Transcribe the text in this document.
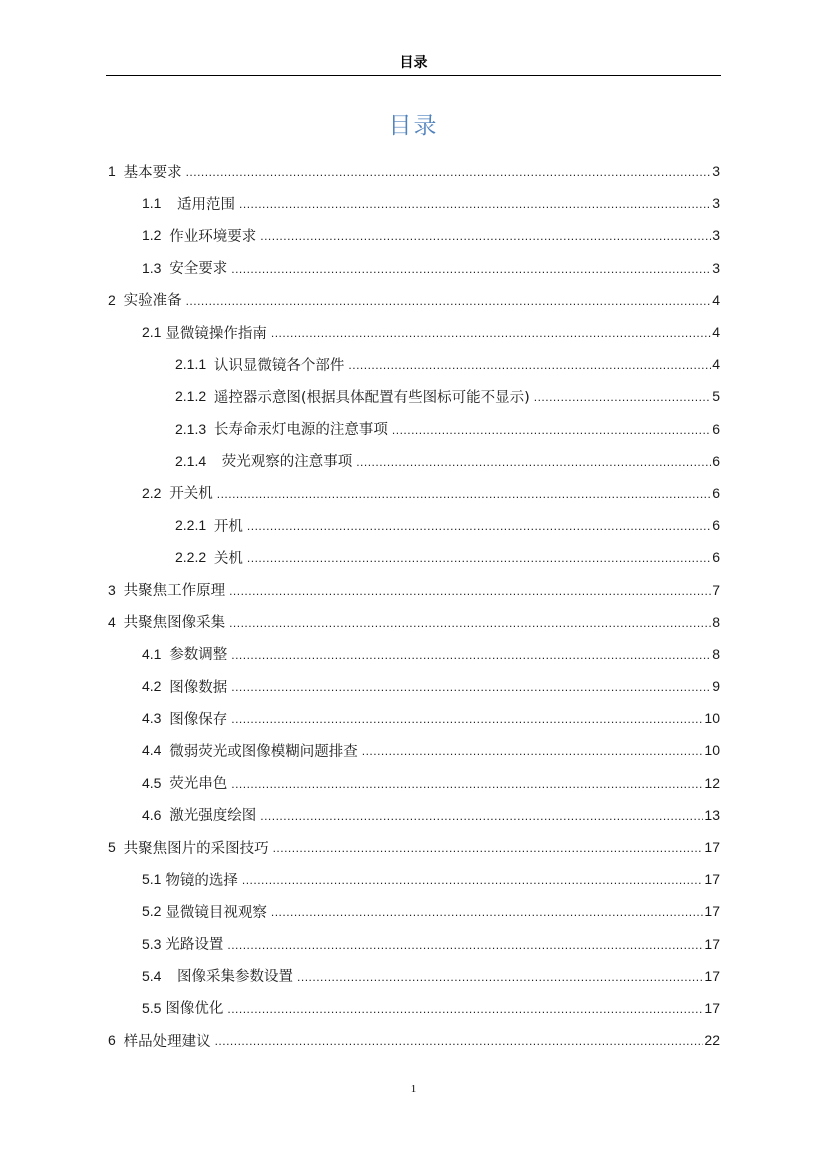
目录
目录
1 基本要求 .....	3
1.1 适用范围 .....	3
1.2 作业环境要求 .....	3
1.3 安全要求 .....	3
2 实验准备 .....	4
2.1 显微镜操作指南 .....	4
2.1.1 认识显微镜各个部件 .....	4
2.1.2 遥控器示意图(根据具体配置有些图标可能不显示) .....	5
2.1.3 长寿命汞灯电源的注意事项 .....	6
2.1.4 荧光观察的注意事项 .....	6
2.2 开关机 .....	6
2.2.1 开机 .....	6
2.2.2 关机 .....	6
3 共聚焦工作原理 .....	7
4 共聚焦图像采集 .....	8
4.1 参数调整 .....	8
4.2 图像数据 .....	9
4.3 图像保存 .....	10
4.4 微弱荧光或图像模糊问题排查 .....	10
4.5 荧光串色 .....	12
4.6 激光强度绘图 .....	13
5 共聚焦图片的采图技巧 .....	17
5.1 物镜的选择 .....	17
5.2 显微镜目视观察 .....	17
5.3 光路设置 .....	17
5.4 图像采集参数设置 .....	17
5.5 图像优化 .....	17
6 样品处理建议 .....	22
1
